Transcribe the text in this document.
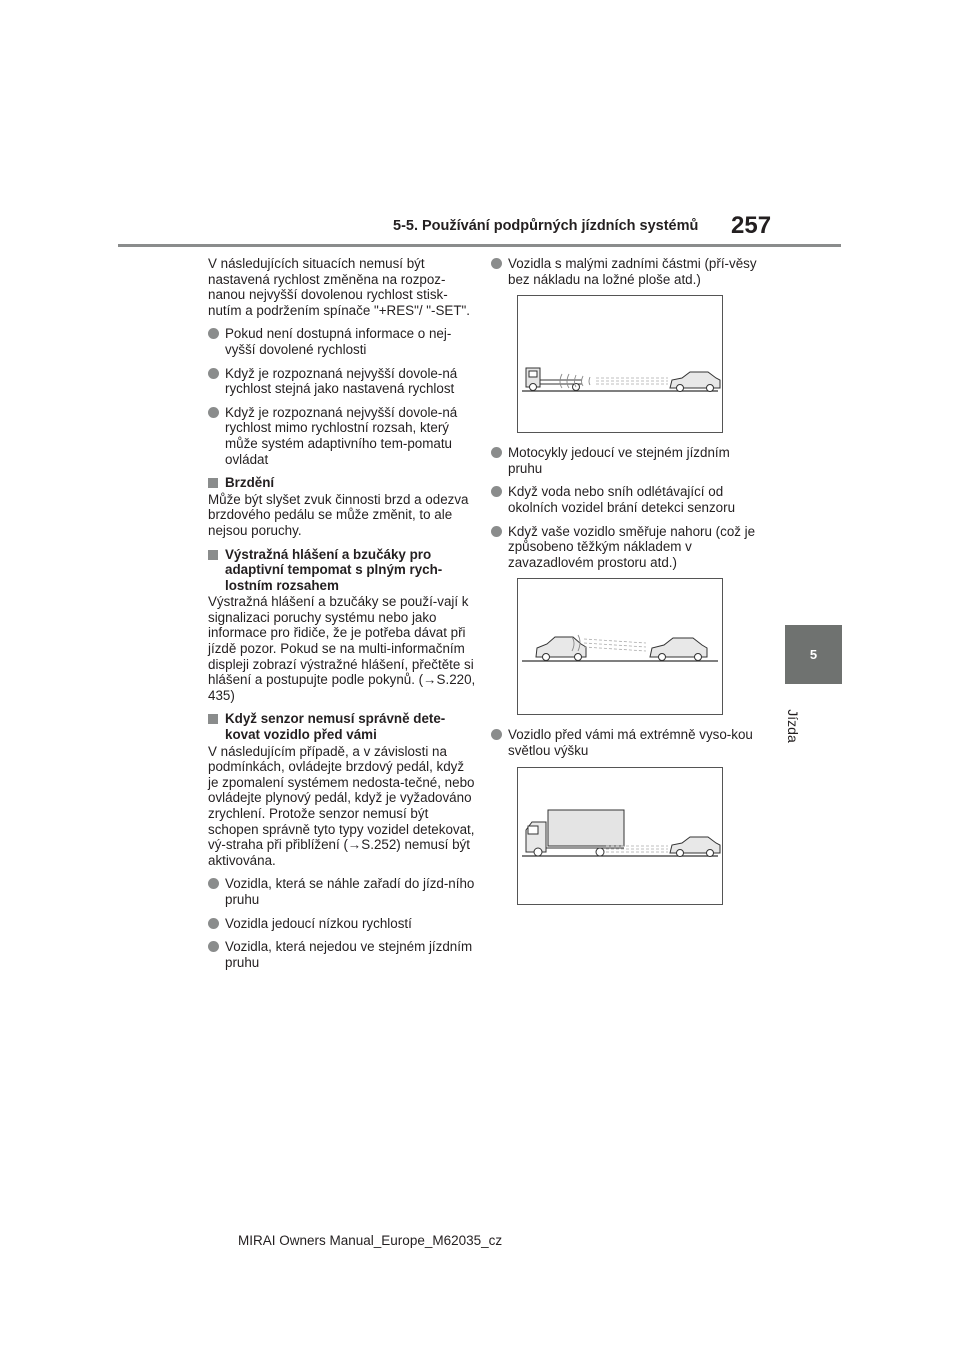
5-5. Používání podpůrných jízdních systémů 257
5
Jízda

V následujících situacích nemusí být nastavená rychlost změněna na rozpoz-nanou nejvyšší dovolenou rychlost stisk-nutím a podržením spínače "+RES"/ "-SET".

Pokud není dostupná informace o nej-vyšší dovolené rychlosti
Když je rozpoznaná nejvyšší dovole-ná rychlost stejná jako nastavená rychlost
Když je rozpoznaná nejvyšší dovole-ná rychlost mimo rychlostní rozsah, který může systém adaptivního tem-pomatu ovládat
Brzdění

Může být slyšet zvuk činnosti brzd a odezva brzdového pedálu se může změnit, to ale nejsou poruchy.

Výstražná hlášení a bzučáky pro adaptivní tempomat s plným rych-lostním rozsahem

Výstražná hlášení a bzučáky se použí-vají k signalizaci poruchy systému nebo jako informace pro řidiče, že je potřeba dávat při jízdě pozor. Pokud se na multi-informačním displeji zobrazí výstražné hlášení, přečtěte si hlášení a postupujte podle pokynů. (→S.220, 435)

Když senzor nemusí správně dete-kovat vozidlo před vámi

V následujícím případě, a v závislosti na podmínkách, ovládejte brzdový pedál, když je zpomalení systémem nedosta-tečné, nebo ovládejte plynový pedál, když je vyžadováno zrychlení. Protože senzor nemusí být schopen správně tyto typy vozidel detekovat, vý-straha při přiblížení (→S.252) nemusí být aktivována.

Vozidla, která se náhle zařadí do jízd-ního pruhu
Vozidla jedoucí nízkou rychlostí
Vozidla, která nejedou ve stejném jízdním pruhu
Vozidla s malými zadními částmi (pří-věsy bez nákladu na ložné ploše atd.)
Motocykly jedoucí ve stejném jízdním pruhu
Když voda nebo sníh odlétávající od okolních vozidel brání detekci senzoru
Když vaše vozidlo směřuje nahoru (což je způsobeno těžkým nákladem v zavazadlovém prostoru atd.)
Vozidlo před vámi má extrémně vyso-kou světlou výšku
MIRAI Owners Manual_Europe_M62035_cz
